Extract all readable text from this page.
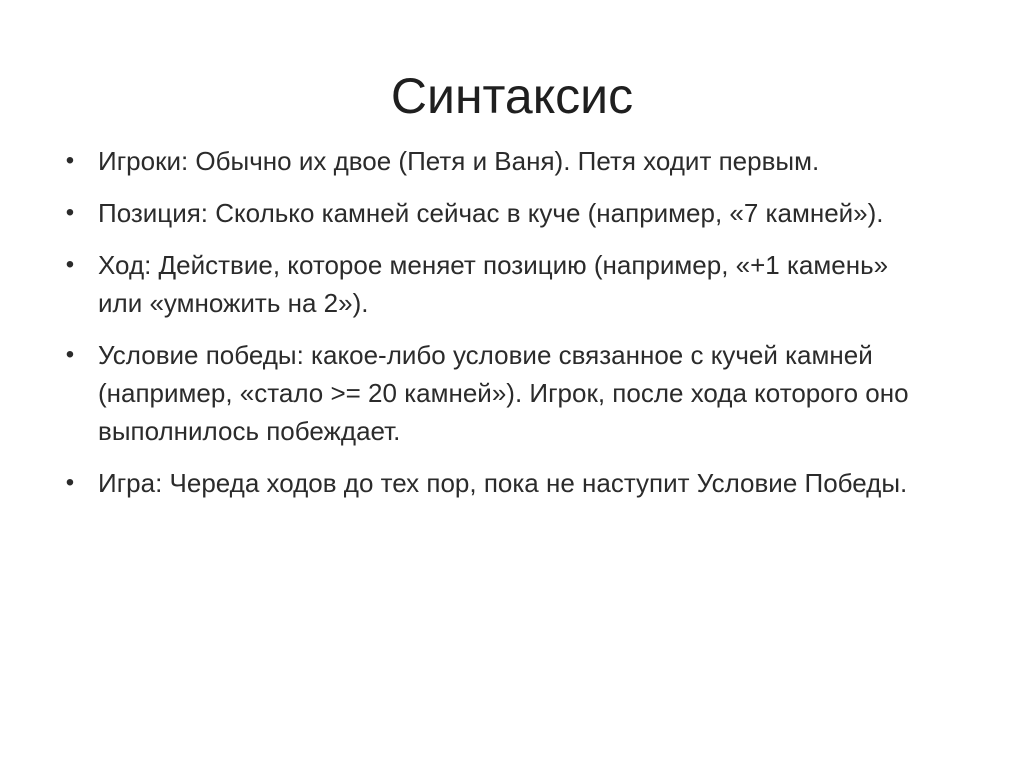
Синтаксис
• Игроки: Обычно их двое (Петя и Ваня). Петя ходит первым.
• Позиция: Сколько камней сейчас в куче (например, «7 камней»).
• Ход: Действие, которое меняет позицию (например, «+1 камень» или «умножить на 2»).
• Условие победы: какое-либо условие связанное с кучей камней (например, «стало >= 20 камней»). Игрок, после хода которого оно выполнилось побеждает.
• Игра: Череда ходов до тех пор, пока не наступит Условие Победы.
